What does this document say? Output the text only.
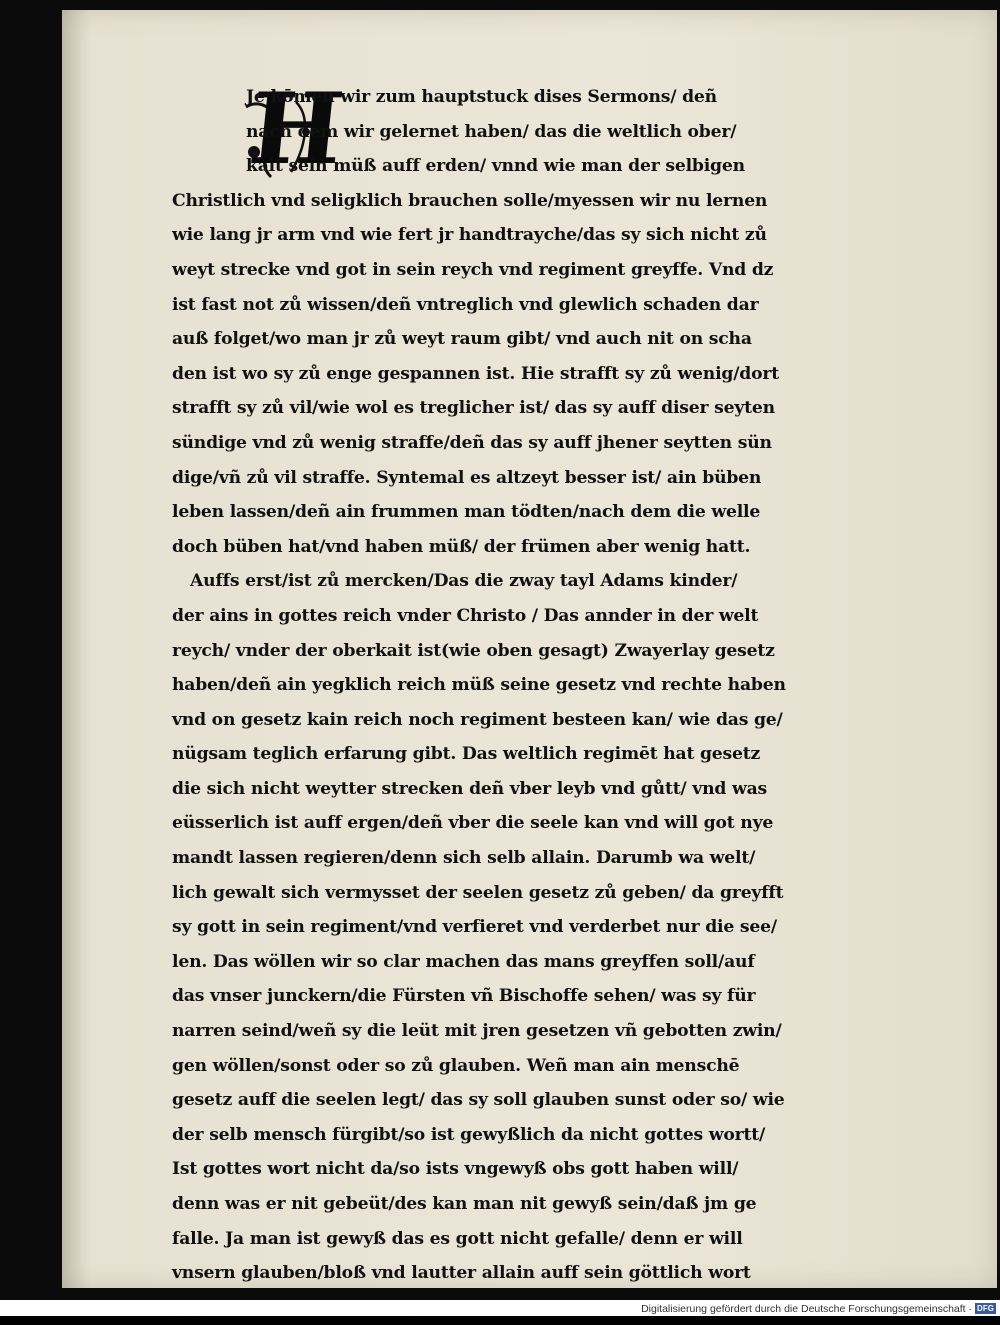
H
Je kōmen wir zum hauptstuck dises Sermons/ deñ
nach dem wir gelernet haben/ das die weltlich ober/
kait sein müß auff erden/ vnnd wie man der selbigen
Christlich vnd seligklich brauchen solle/myessen wir nu lernen
wie lang jr arm vnd wie fert jr handtrayche/das sy sich nicht zů
weyt strecke vnd got in sein reych vnd regiment greyffe. Vnd dz
ist fast not zů wissen/deñ vntreglich vnd glewlich schaden dar
auß folget/wo man jr zů weyt raum gibt/ vnd auch nit on scha
den ist wo sy zů enge gespannen ist. Hie strafft sy zů wenig/dort
strafft sy zů vil/wie wol es treglicher ist/ das sy auff diser seyten
sündige vnd zů wenig straffe/deñ das sy auff jhener seytten sün
dige/vñ zů vil straffe. Syntemal es altzeyt besser ist/ ain büben
leben lassen/deñ ain frummen man tödten/nach dem die welle
doch büben hat/vnd haben müß/ der frümen aber wenig hatt.
Auffs erst/ist zů mercken/Das die zway tayl Adams kinder/
der ains in gottes reich vnder Christo / Das annder in der welt
reych/ vnder der oberkait ist(wie oben gesagt) Zwayerlay gesetz
haben/deñ ain yegklich reich müß seine gesetz vnd rechte haben
vnd on gesetz kain reich noch regiment besteen kan/ wie das ge/
nügsam teglich erfarung gibt. Das weltlich regimēt hat gesetz
die sich nicht weytter strecken deñ vber leyb vnd gůtt/ vnd was
eüsserlich ist auff ergen/deñ vber die seele kan vnd will got nye
mandt lassen regieren/denn sich selb allain. Darumb wa welt/
lich gewalt sich vermysset der seelen gesetz zů geben/ da greyfft
sy gott in sein regiment/vnd verfieret vnd verderbet nur die see/
len. Das wöllen wir so clar machen das mans greyffen soll/auf
das vnser junckern/die Fürsten vñ Bischoffe sehen/ was sy für
narren seind/weñ sy die leüt mit jren gesetzen vñ gebotten zwin/
gen wöllen/sonst oder so zů glauben. Weñ man ain menschē
gesetz auff die seelen legt/ das sy soll glauben sunst oder so/ wie
der selb mensch fürgibt/so ist gewyßlich da nicht gottes wortt/
Ist gottes wort nicht da/so ists vngewyß obs gott haben will/
denn was er nit gebeüt/des kan man nit gewyß sein/daß jm ge
falle. Ja man ist gewyß das es gott nicht gefalle/ denn er will
vnsern glauben/bloß vnd lautter allain auff sein göttlich wort
Digitalisierung gefördert durch die Deutsche Forschungsgemeinschaft · DFG
